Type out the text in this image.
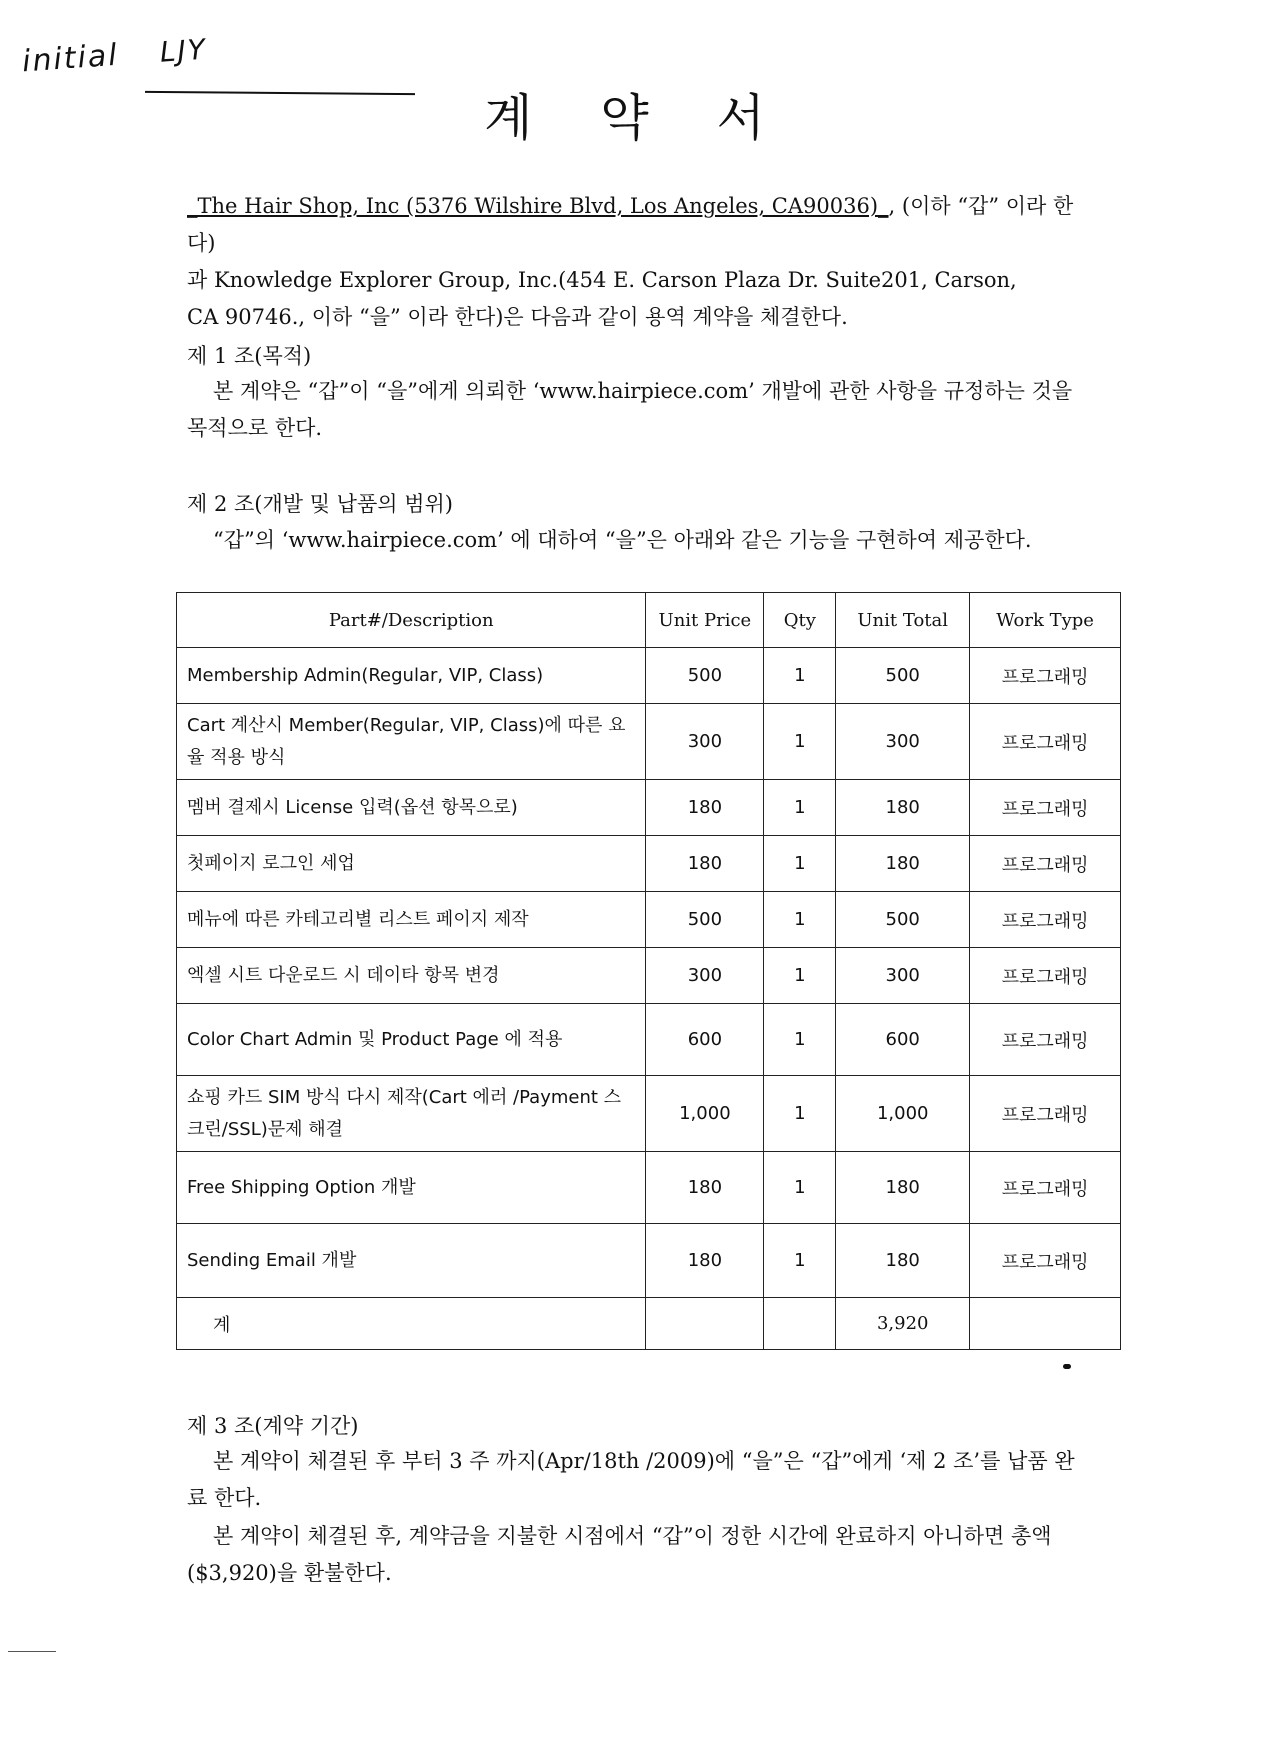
initial LJY
계 약 서
_The Hair Shop, Inc (5376 Wilshire Blvd, Los Angeles, CA90036)_, (이하 “갑” 이라 한다)
과 Knowledge Explorer Group, Inc.(454 E. Carson Plaza Dr. Suite201, Carson,
CA 90746., 이하 “을” 이라 한다)은 다음과 같이 용역 계약을 체결한다.
제 1 조(목적)
본 계약은 “갑”이 “을”에게 의뢰한 ‘www.hairpiece.com’ 개발에 관한 사항을 규정하는 것을 목적으로 한다.
제 2 조(개발 및 납품의 범위)
“갑”의 ‘www.hairpiece.com’ 에 대하여 “을”은 아래와 같은 기능을 구현하여 제공한다.
Part#/Description	Unit Price	Qty	Unit Total	Work Type
Membership Admin(Regular, VIP, Class)	500	1	500	프로그래밍
Cart 계산시 Member(Regular, VIP, Class)에 따른 요율 적용 방식	300	1	300	프로그래밍
멤버 결제시 License 입력(옵션 항목으로)	180	1	180	프로그래밍
첫페이지 로그인 세업	180	1	180	프로그래밍
메뉴에 따른 카테고리별 리스트 페이지 제작	500	1	500	프로그래밍
엑셀 시트 다운로드 시 데이타 항목 변경	300	1	300	프로그래밍
Color Chart Admin 및 Product Page 에 적용	600	1	600	프로그래밍
쇼핑 카드 SIM 방식 다시 제작(Cart 에러 /Payment 스크린/SSL)문제 해결	1,000	1	1,000	프로그래밍
Free Shipping Option 개발	180	1	180	프로그래밍
Sending Email 개발	180	1	180	프로그래밍
계			3,920	
제 3 조(계약 기간)
본 계약이 체결된 후 부터 3 주 까지(Apr/18th /2009)에 “을”은 “갑”에게 ‘제 2 조’를 납품 완료 한다.
본 계약이 체결된 후, 계약금을 지불한 시점에서 “갑”이 정한 시간에 완료하지 아니하면 총액($3,920)을 환불한다.
